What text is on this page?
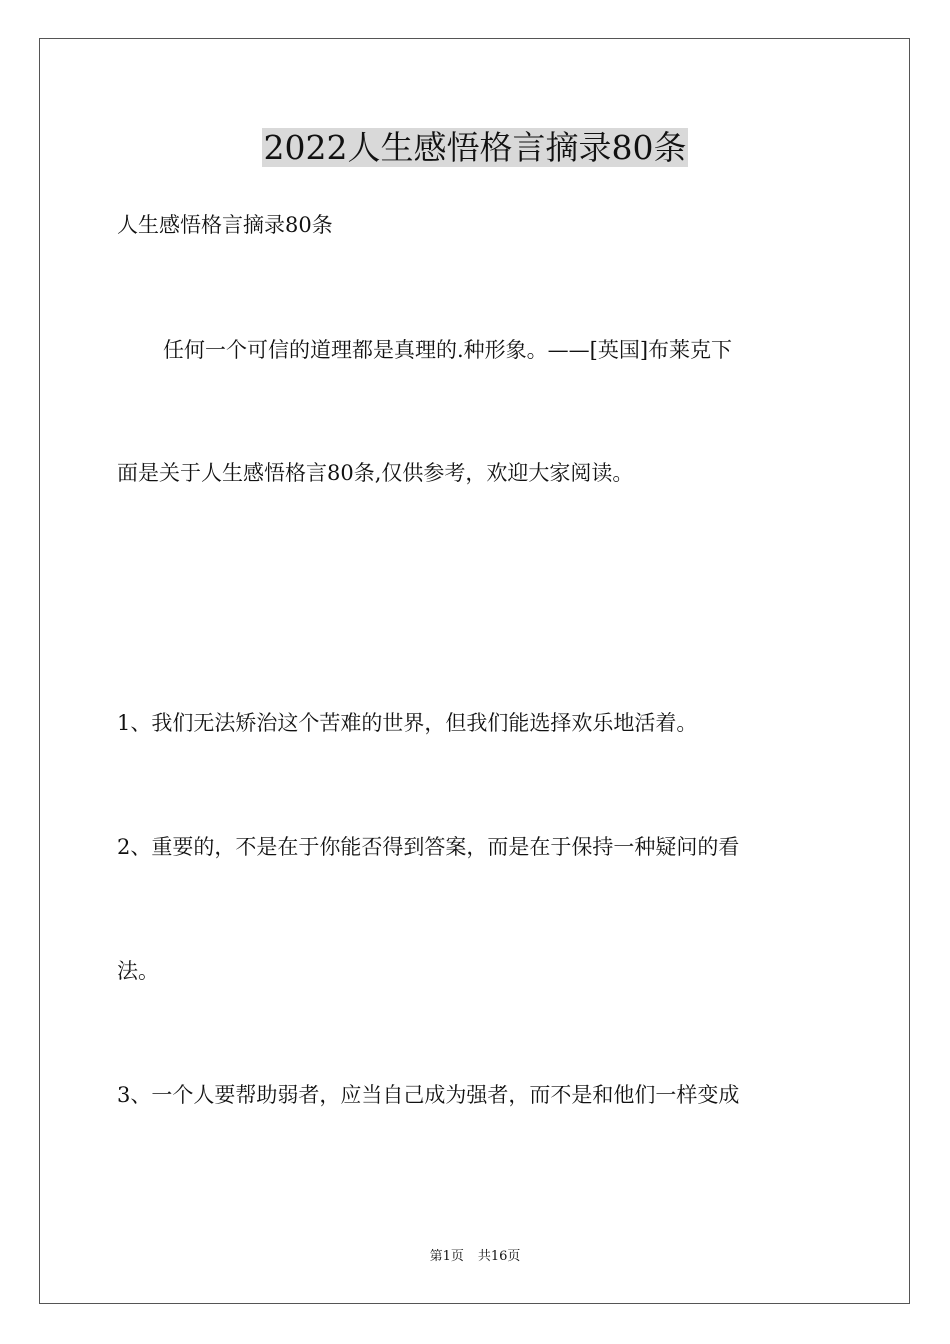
2022人生感悟格言摘录80条
人生感悟格言摘录80条
任何一个可信的道理都是真理的.种形象。——[英国]布莱克下
面是关于人生感悟格言80条,仅供参考，欢迎大家阅读。
1、我们无法矫治这个苦难的世界，但我们能选择欢乐地活着。
2、重要的，不是在于你能否得到答案，而是在于保持一种疑问的看
法。
3、一个人要帮助弱者，应当自己成为强者，而不是和他们一样变成
第1页 共16页
